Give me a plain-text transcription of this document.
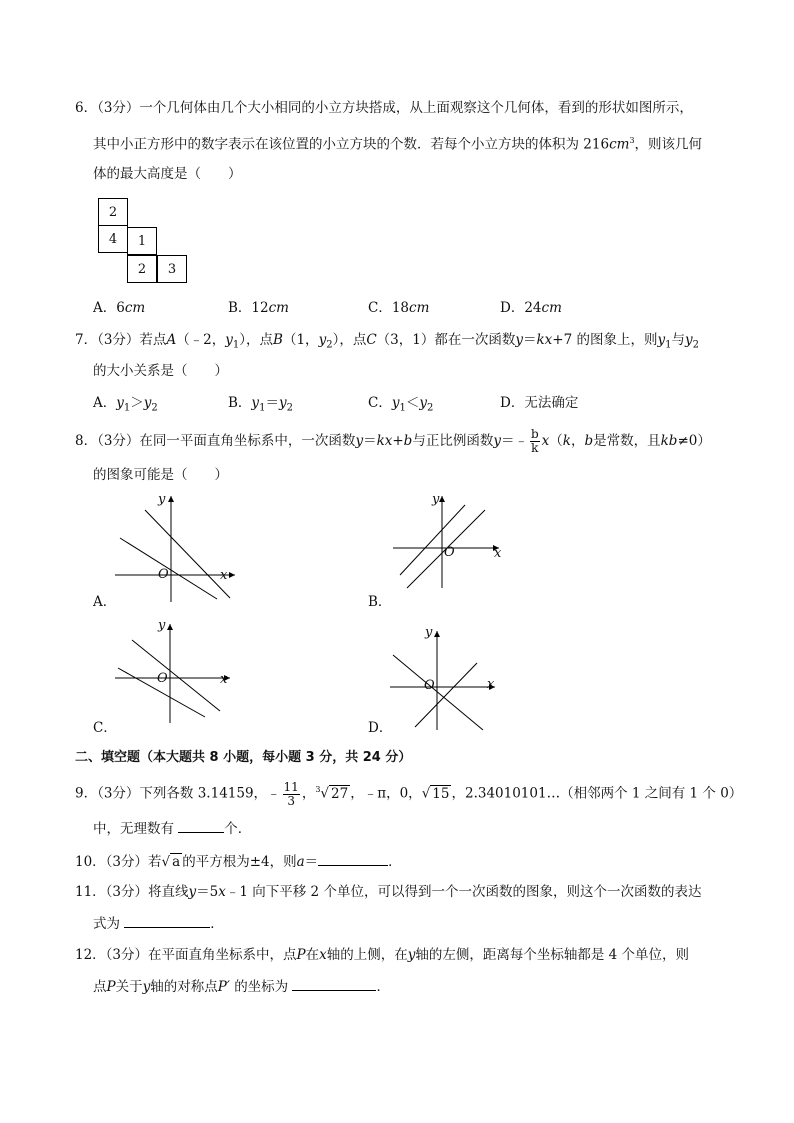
6．（3分）一个几何体由几个大小相同的小立方块搭成，从上面观察这个几何体，看到的形状如图所示，
其中小正方形中的数字表示在该位置的小立方块的个数．若每个小立方块的体积为 $216cm^3$，则该几何
体的最大高度是（　　）
2
4	1
2	3
A．6cm	B．12cm	C．18cm	D．24cm
7．（3分）若点A（﹣2，$y_1$），点B（1，$y_2$），点C（3，1）都在一次函数y＝kx+7 的图象上，则$y_1$与$y_2$
的大小关系是（　　）
A．$y_1>y_2$	B．$y_1=y_2$	C．$y_1<y_2$	D．无法确定
8．（3分）在同一平面直角坐标系中，一次函数y＝kx+b与正比例函数y＝﹣ $\frac{b}{k} x(k$，b是常数，且kb≠0）
的图象可能是（　　）
y
x
O
A．
y
x
O
B．
y
x
O
C．
y
x
O
D．
二、填空题（本大题共 8 小题，每小题 3 分，共 24 分）
9．（3分）下列各数 3.14159，﹣ $\frac{11}{3}$ ，$^3$√ 27 ，﹣π，0，√ 15 ，2.34010101…（相邻两个 1 之间有 1 个 0）
中，无理数有	个．
10．（3分）若√ a 的平方根为±4，则a＝	．
11．（3分）将直线y＝5x﹣1 向下平移 2 个单位，可以得到一个一次函数的图象，则这个一次函数的表达
式为	．
12．（3分）在平面直角坐标系中，点P在x轴的上侧，在y轴的左侧，距离每个坐标轴都是 4 个单位，则
点P关于y轴的对称点P′ 的坐标为	．
